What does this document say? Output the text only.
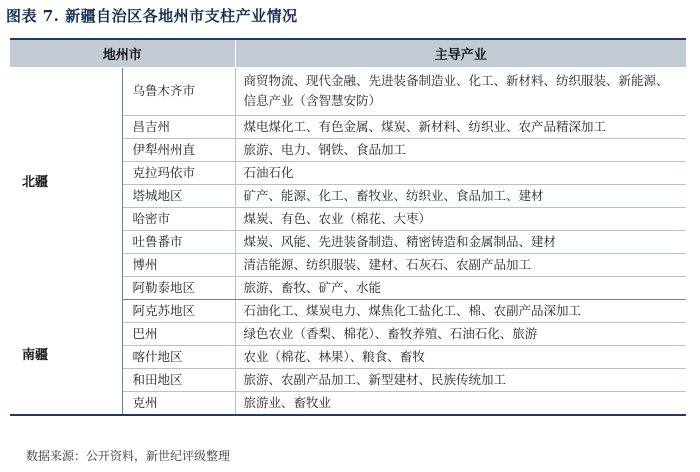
图表 7. 新疆自治区各地州市支柱产业情况
地州市		主导产业
北疆	乌鲁木齐市	商贸物流、现代金融、先进装备制造业、化工、新材料、纺织服装、新能源、信息产业（含智慧安防）
	昌吉州	煤电煤化工、有色金属、煤炭、新材料、纺织业、农产品精深加工
	伊犁州州直	旅游、电力、钢铁、食品加工
	克拉玛依市	石油石化
	塔城地区	矿产、能源、化工、畜牧业、纺织业、食品加工、建材
	哈密市	煤炭、有色、农业（棉花、大枣）
	吐鲁番市	煤炭、风能、先进装备制造、精密铸造和金属制品、建材
	博州	清洁能源、纺织服装、建材、石灰石、农副产品加工
	阿勒泰地区	旅游、畜牧、矿产、水能
南疆	阿克苏地区	石油化工、煤炭电力、煤焦化工盐化工、棉、农副产品深加工
	巴州	绿色农业（香梨、棉花）、畜牧养殖、石油石化、旅游
	喀什地区	农业（棉花、林果）、粮食、畜牧
	和田地区	旅游、农副产品加工、新型建材、民族传统加工
	克州	旅游业、畜牧业
数据来源：公开资料，新世纪评级整理
